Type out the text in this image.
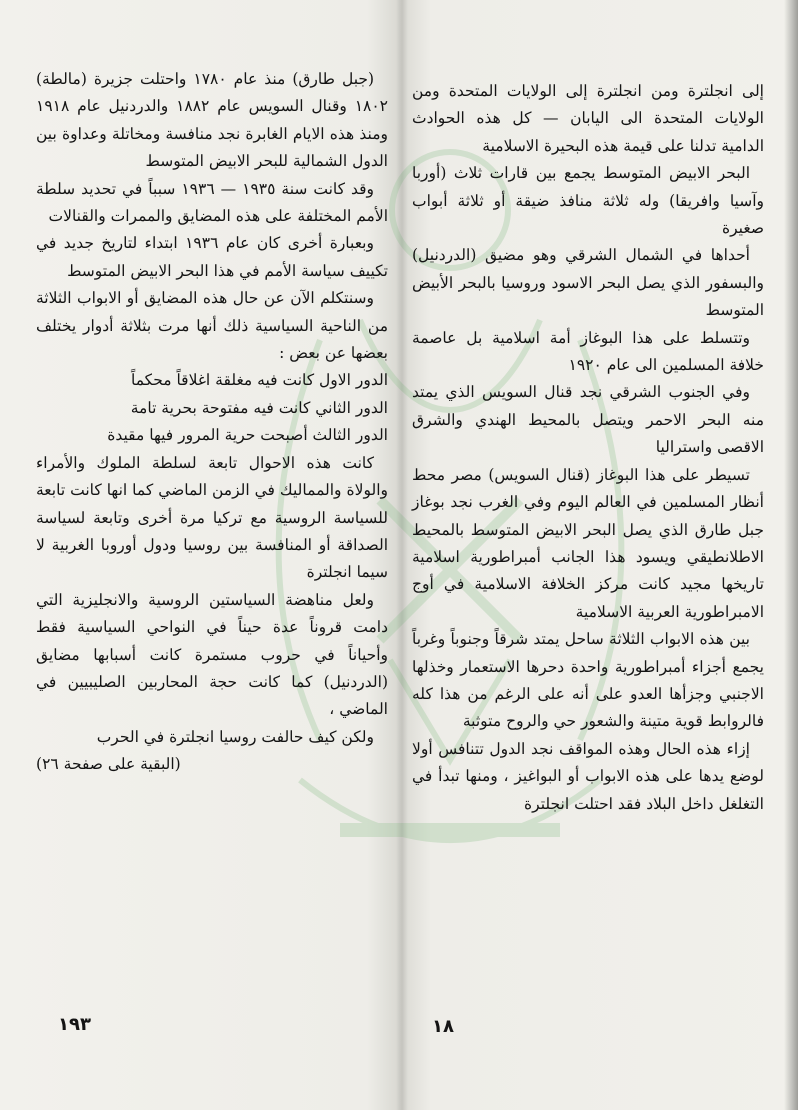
(جبل طارق) منذ عام ١٧٨٠ واحتلت جزيرة (مالطة) ١٨٠٢ وقنال السويس عام ١٨٨٢ والدردنيل عام ١٩١٨ ومنذ هذه الايام الغابرة نجد منافسة ومخاتلة وعداوة بين الدول الشمالية للبحر الابيض المتوسط

وقد كانت سنة ١٩٣٥ — ١٩٣٦ سبباً في تحديد سلطة الأمم المختلفة على هذه المضايق والممرات والقنالات

وبعبارة أخرى كان عام ١٩٣٦ ابتداء لتاريخ جديد في تكييف سياسة الأمم في هذا البحر الابيض المتوسط

وسنتكلم الآن عن حال هذه المضايق أو الابواب الثلاثة من الناحية السياسية ذلك أنها مرت بثلاثة أدوار يختلف بعضها عن بعض :

الدور الاول كانت فيه مغلقة اغلاقاً محكماً

الدور الثاني كانت فيه مفتوحة بحرية تامة

الدور الثالث أصبحت حرية المرور فيها مقيدة

كانت هذه الاحوال تابعة لسلطة الملوك والأمراء والولاة والمماليك في الزمن الماضي كما انها كانت تابعة للسياسة الروسية مع تركيا مرة أخرى وتابعة لسياسة الصداقة أو المنافسة بين روسيا ودول أوروبا الغربية لا سيما انجلترة

ولعل مناهضة السياستين الروسية والانجليزية التي دامت قروناً عدة حيناً في النواحي السياسية فقط وأحياناً في حروب مستمرة كانت أسبابها مضايق (الدردنيل) كما كانت حجة المحاربين الصليبيين في الماضي ،

ولكن كيف حالفت روسيا انجلترة في الحرب

(البقية على صفحة ٢٦)

إلى انجلترة ومن انجلترة إلى الولايات المتحدة ومن الولايات المتحدة الى اليابان — كل هذه الحوادث الدامية تدلنا على قيمة هذه البحيرة الاسلامية

البحر الابيض المتوسط يجمع بين قارات ثلاث (أوربا وآسيا وافريقا) وله ثلاثة منافذ ضيقة أو ثلاثة أبواب صغيرة

أحداها في الشمال الشرقي وهو مضيق (الدردنيل) والبسفور الذي يصل البحر الاسود وروسيا بالبحر الأبيض المتوسط

وتتسلط على هذا البوغاز أمة اسلامية بل عاصمة خلافة المسلمين الى عام ١٩٢٠

وفي الجنوب الشرقي نجد قنال السويس الذي يمتد منه البحر الاحمر ويتصل بالمحيط الهندي والشرق الاقصى واستراليا

تسيطر على هذا البوغاز (قنال السويس) مصر محط أنظار المسلمين في العالم اليوم وفي الغرب نجد بوغاز جبل طارق الذي يصل البحر الابيض المتوسط بالمحيط الاطلانطيقي ويسود هذا الجانب أمبراطورية اسلامية تاريخها مجيد كانت مركز الخلافة الاسلامية في أوج الامبراطورية العربية الاسلامية

بين هذه الابواب الثلاثة ساحل يمتد شرقاً وجنوباً وغرباً يجمع أجزاء أمبراطورية واحدة دحرها الاستعمار وخذلها الاجنبي وجزأها العدو على أنه على الرغم من هذا كله فالروابط قوية متينة والشعور حي والروح متوثبة

إزاء هذه الحال وهذه المواقف نجد الدول تتنافس أولا لوضع يدها على هذه الابواب أو البواغيز ، ومنها تبدأ في التغلغل داخل البلاد فقد احتلت انجلترة

١٩٣	١٨
